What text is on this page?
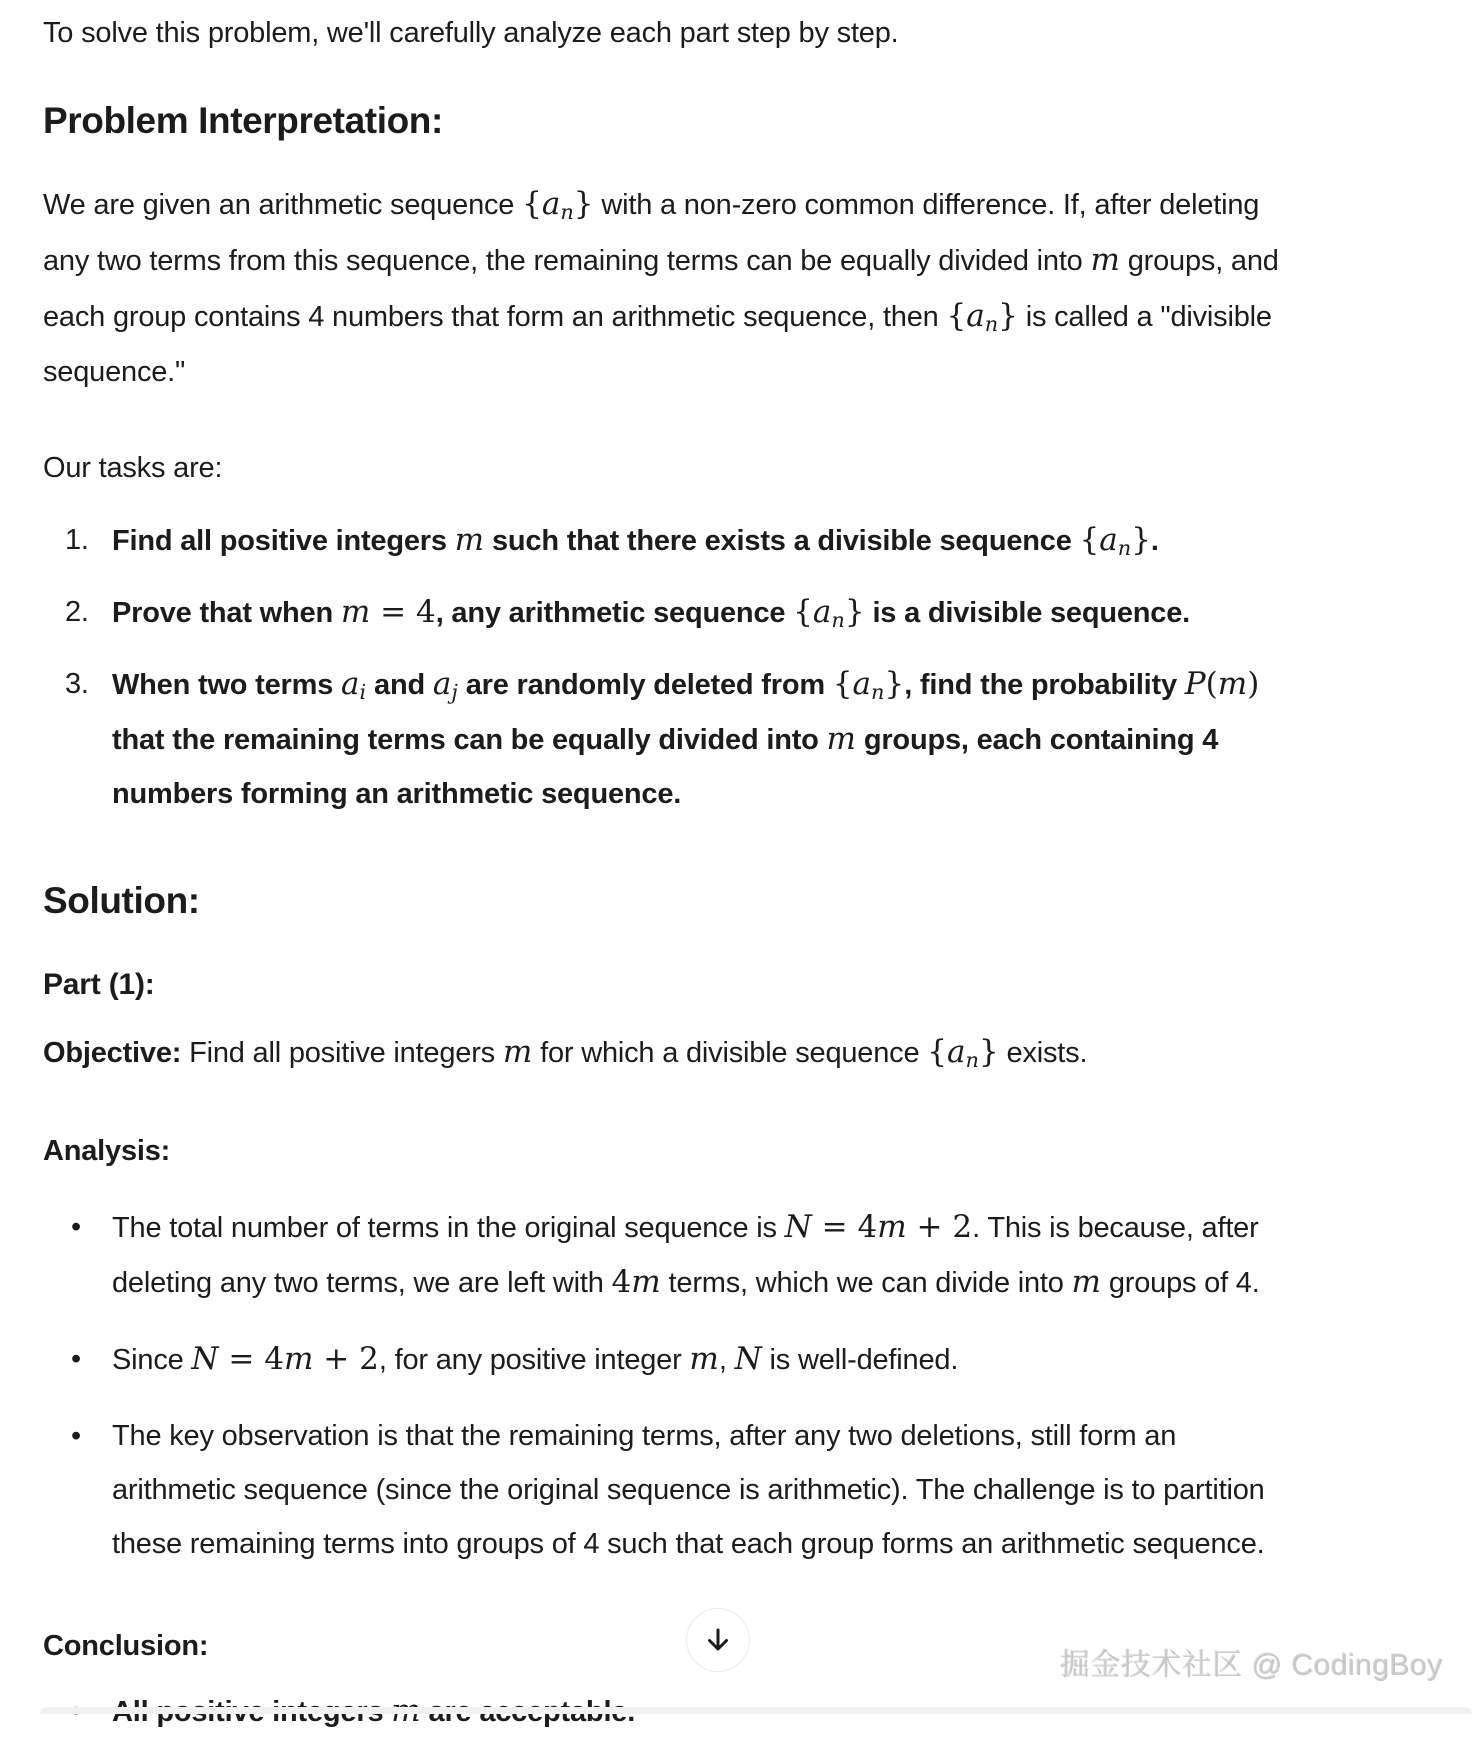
To solve this problem, we'll carefully analyze each part step by step.

Problem Interpretation:

We are given an arithmetic sequence $\{a_n\}$ with a non-zero common difference. If, after deleting
any two terms from this sequence, the remaining terms can be equally divided into m groups, and
each group contains 4 numbers that form an arithmetic sequence, then $\{a_n\}$ is called a "divisible
sequence."

Our tasks are:

1. Find all positive integers m such that there exists a divisible sequence $\{a_n\}$.
2. Prove that when m = 4, any arithmetic sequence $\{a_n\}$ is a divisible sequence.
3. When two terms $a_i$ and $a_j$ are randomly deleted from $\{a_n\}$, find the probability P(m)
that the remaining terms can be equally divided into m groups, each containing 4
numbers forming an arithmetic sequence.
Solution:
Part (1):

Objective: Find all positive integers m for which a divisible sequence $\{a_n\}$ exists.

Analysis:

• The total number of terms in the original sequence is N = 4m + 2. This is because, after
deleting any two terms, we are left with 4m terms, which we can divide into m groups of 4.
• Since N = 4m + 2, for any positive integer m, N is well-defined.
• The key observation is that the remaining terms, after any two deletions, still form an
arithmetic sequence (since the original sequence is arithmetic). The challenge is to partition
these remaining terms into groups of 4 such that each group forms an arithmetic sequence.

Conclusion:

掘金技术社区 @ CodingBoy
